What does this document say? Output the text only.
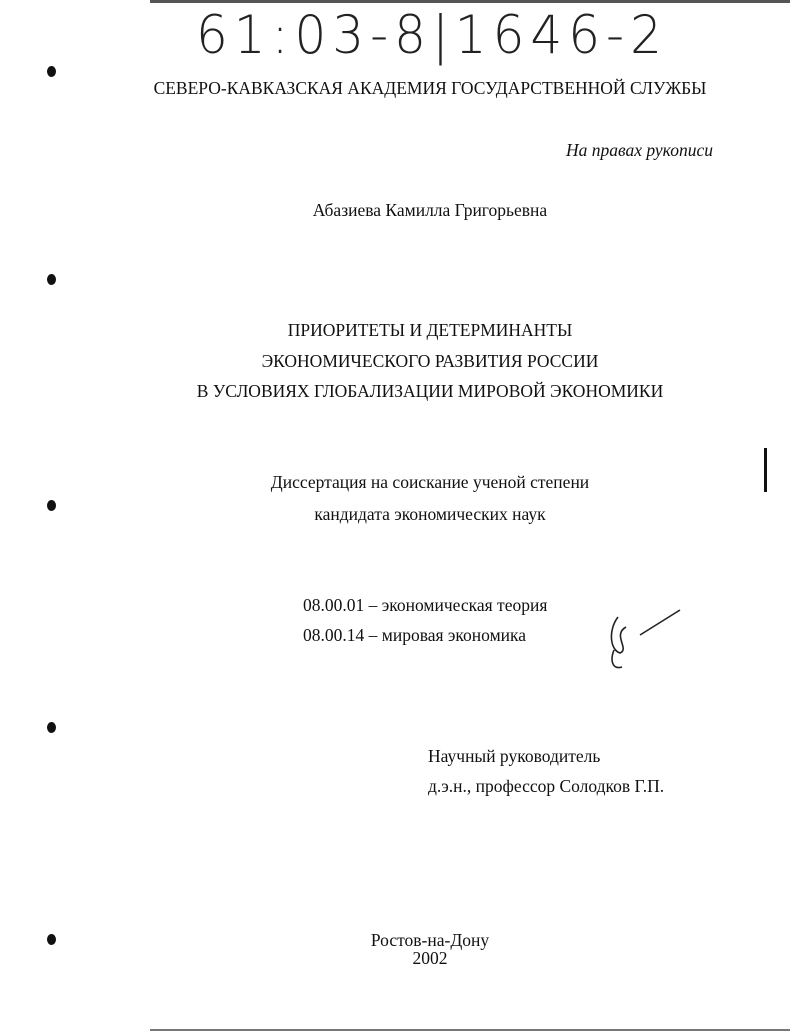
61:03-8|1646-2
СЕВЕРО-КАВКАЗСКАЯ АКАДЕМИЯ ГОСУДАРСТВЕННОЙ СЛУЖБЫ
На правах рукописи
Абазиева Камилла Григорьевна
ПРИОРИТЕТЫ И ДЕТЕРМИНАНТЫ
ЭКОНОМИЧЕСКОГО РАЗВИТИЯ РОССИИ
В УСЛОВИЯХ ГЛОБАЛИЗАЦИИ МИРОВОЙ ЭКОНОМИКИ
Диссертация на соискание ученой степени
кандидата экономических наук
08.00.01 – экономическая теория
08.00.14 – мировая экономика
Научный руководитель
д.э.н., профессор Солодков Г.П.
Ростов-на-Дону
2002
